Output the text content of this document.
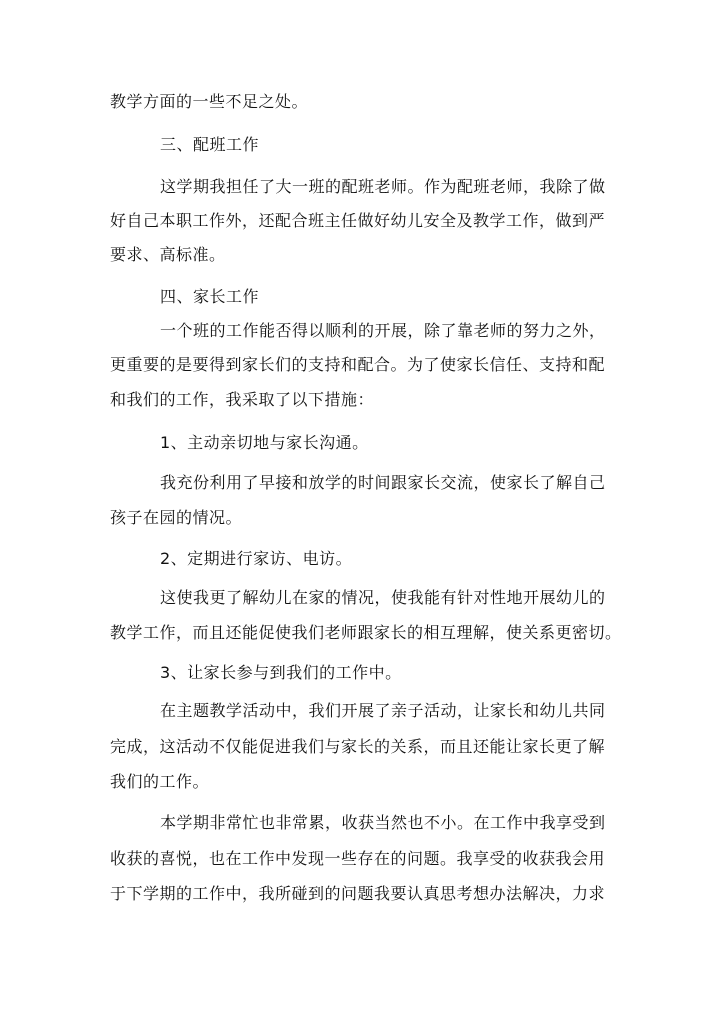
教学方面的一些不足之处。
三、配班工作
这学期我担任了大一班的配班老师。作为配班老师，我除了做
好自己本职工作外，还配合班主任做好幼儿安全及教学工作，做到严
要求、高标准。
四、家长工作
一个班的工作能否得以顺利的开展，除了靠老师的努力之外，
更重要的是要得到家长们的支持和配合。为了使家长信任、支持和配
和我们的工作，我采取了以下措施：
1、主动亲切地与家长沟通。
我充份利用了早接和放学的时间跟家长交流，使家长了解自己
孩子在园的情况。
2、定期进行家访、电访。
这使我更了解幼儿在家的情况，使我能有针对性地开展幼儿的
教学工作，而且还能促使我们老师跟家长的相互理解，使关系更密切。
3、让家长参与到我们的工作中。
在主题教学活动中，我们开展了亲子活动，让家长和幼儿共同
完成，这活动不仅能促进我们与家长的关系，而且还能让家长更了解
我们的工作。
本学期非常忙也非常累，收获当然也不小。在工作中我享受到
收获的喜悦，也在工作中发现一些存在的问题。我享受的收获我会用
于下学期的工作中，我所碰到的问题我要认真思考想办法解决，力求
